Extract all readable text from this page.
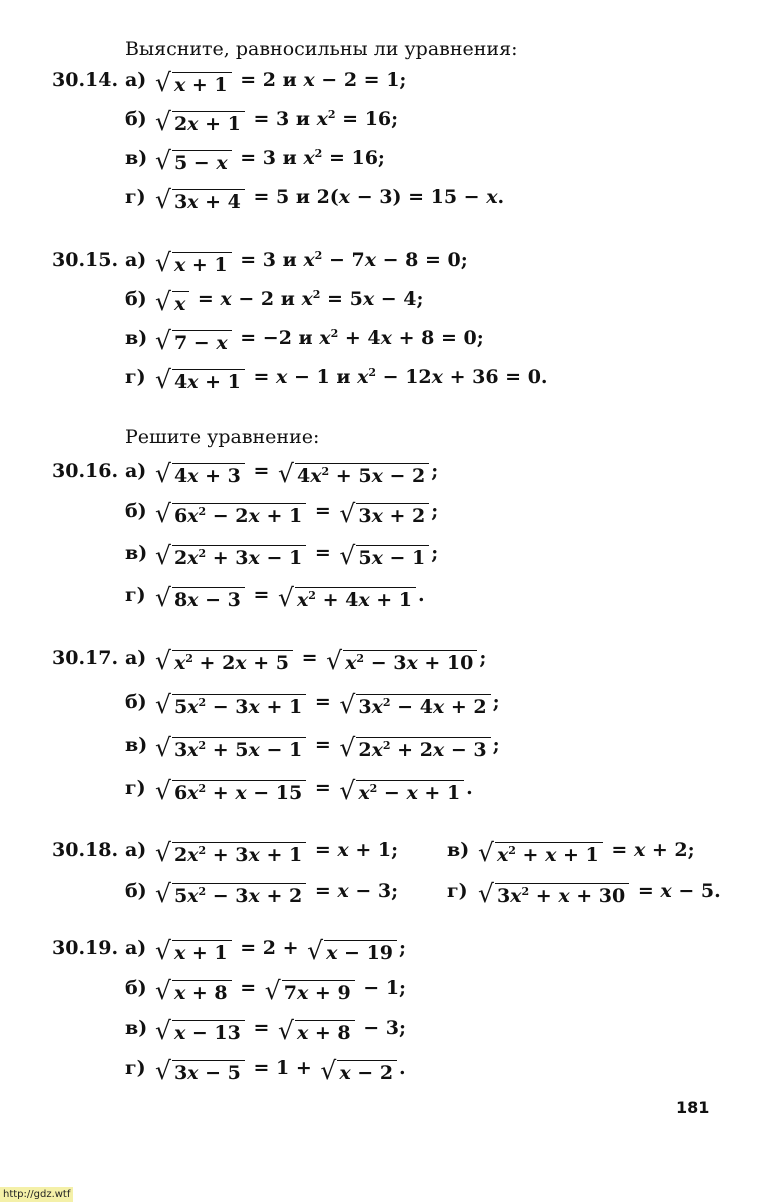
Выясните, равносильны ли уравнения:
30.14. а) √ x + 1 = 2 и x − 2 = 1;
б) √ 2x + 1 = 3 и $x^2 = 16$;
в) √ 5 − x = 3 и $x^2 = 16$;
г) √ 3x + 4 = 5 и 2(x − 3) = 15 − x.
30.15. а) √ x + 1 = 3 и $x^2 - 7x - 8 = 0$;
б) √ x = x − 2 и $x^2 = 5x - 4$;
в) √ 7 − x = −2 и $x^2 + 4x + 8 = 0$;
г) √ 4x + 1 = x − 1 и $x^2 - 12x + 36 = 0$.
Решите уравнение:
30.16. а) √ 4x + 3 = √ $4x^2 + 5x - 2$ ;
б) √ $6x^2 - 2x + 1$ = √ 3x + 2 ;
в) √ $2x^2 + 3x - 1$ = √ 5x − 1 ;
г) √ 8x − 3 = √ $x^2 + 4x + 1$ .
30.17. а) √ $x^2 + 2x + 5$ = √ $x^2 - 3x + 10$ ;
б) √ $5x^2 - 3x + 1$ = √ $3x^2 - 4x + 2$ ;
в) √ $3x^2 + 5x - 1$ = √ $2x^2 + 2x - 3$ ;
г) √ $6x^2 + x - 15$ = √ $x^2 - x + 1$ .
30.18. а) √ $2x^2 + 3x + 1 = x + 1$;	в) √ $x^2 + x + 1 = x + 2$;
б) √ $5x^2 - 3x + 2 = x - 3$;	г) √ $3x^2 + x + 30 = x - 5$.
30.19. а) √ x + 1 = 2 + √ x − 19 ;
б) √ x + 8 = √ 7x + 9 − 1;
в) √ x − 13 = √ x + 8 − 3;
г) √ 3x − 5 = 1 + √ x − 2 .
181
http://gdz.wtf
